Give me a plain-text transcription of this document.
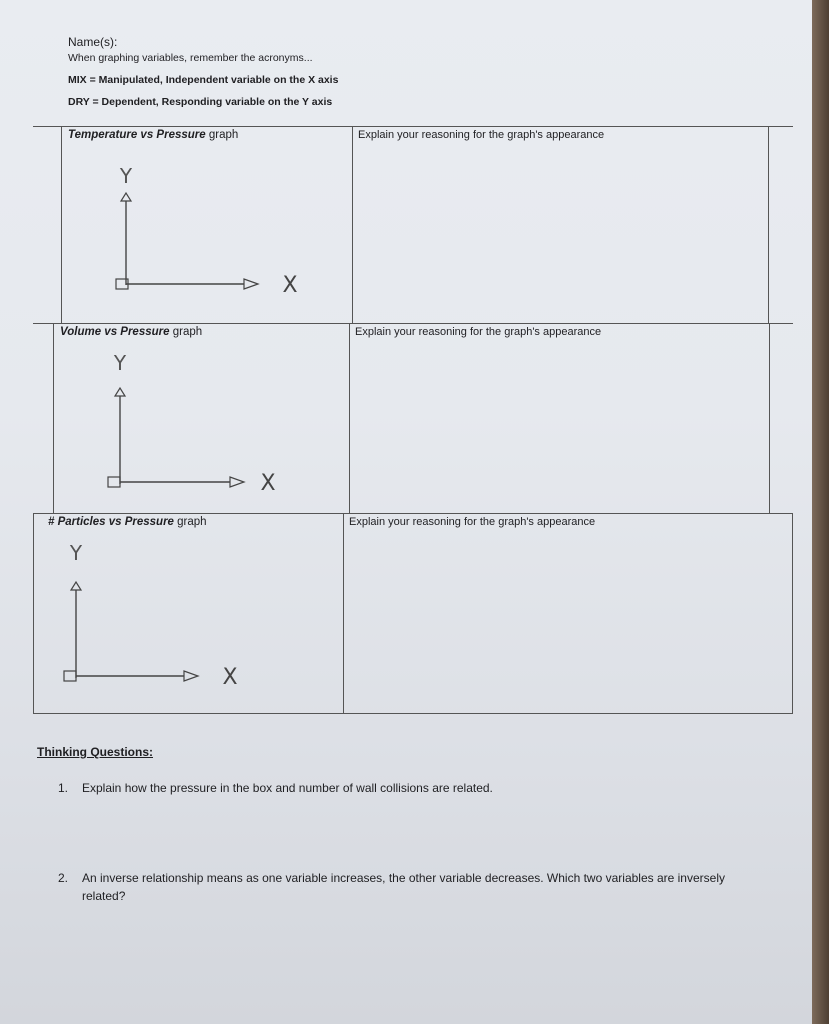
Name(s):
When graphing variables, remember the acronyms...
MIX = Manipulated, Independent variable on the X axis
DRY = Dependent, Responding variable on the Y axis
Temperature vs Pressure graph
Y
X
Explain your reasoning for the graph's appearance
Volume vs Pressure graph
Y
X
Explain your reasoning for the graph's appearance
# Particles vs Pressure graph
Y
X
Explain your reasoning for the graph's appearance
Thinking Questions:
1. Explain how the pressure in the box and number of wall collisions are related.
2. An inverse relationship means as one variable increases, the other variable decreases. Which two variables are inversely related?
